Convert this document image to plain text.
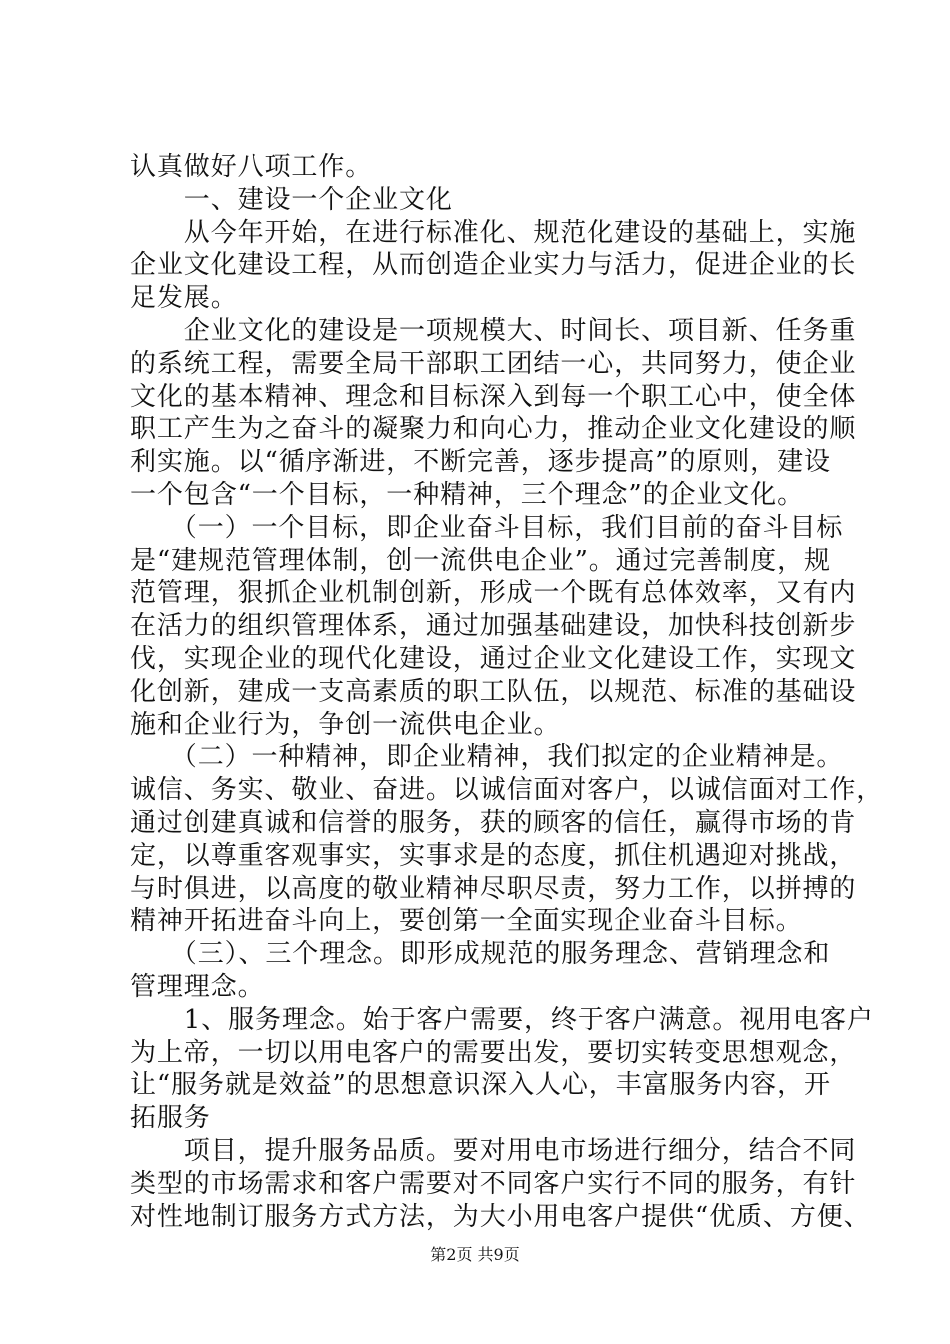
认真做好八项工作。
　　一、建设一个企业文化
　　从今年开始，在进行标准化、规范化建设的基础上，实施
企业文化建设工程，从而创造企业实力与活力，促进企业的长
足发展。
　　企业文化的建设是一项规模大、时间长、项目新、任务重
的系统工程，需要全局干部职工团结一心，共同努力，使企业
文化的基本精神、理念和目标深入到每一个职工心中，使全体
职工产生为之奋斗的凝聚力和向心力，推动企业文化建设的顺
利实施。以“循序渐进，不断完善，逐步提高”的原则，建设
一个包含“一个目标，一种精神，三个理念”的企业文化。
　　（一）一个目标，即企业奋斗目标，我们目前的奋斗目标
是“建规范管理体制，创一流供电企业”。通过完善制度，规
范管理，狠抓企业机制创新，形成一个既有总体效率，又有内
在活力的组织管理体系，通过加强基础建设，加快科技创新步
伐，实现企业的现代化建设，通过企业文化建设工作，实现文
化创新，建成一支高素质的职工队伍，以规范、标准的基础设
施和企业行为，争创一流供电企业。
　　（二）一种精神，即企业精神，我们拟定的企业精神是。
诚信、务实、敬业、奋进。以诚信面对客户，以诚信面对工作，
通过创建真诚和信誉的服务，获的顾客的信任，赢得市场的肯
定，以尊重客观事实，实事求是的态度，抓住机遇迎对挑战，
与时俱进，以高度的敬业精神尽职尽责，努力工作，以拼搏的
精神开拓进奋斗向上，要创第一全面实现企业奋斗目标。
　　（三）、三个理念。即形成规范的服务理念、营销理念和
管理理念。
　　1、服务理念。始于客户需要，终于客户满意。视用电客户
为上帝，一切以用电客户的需要出发，要切实转变思想观念，
让“服务就是效益”的思想意识深入人心，丰富服务内容，开
拓服务
　　项目，提升服务品质。要对用电市场进行细分，结合不同
第2页 共9页
类型的市场需求和客户需要对不同客户实行不同的服务，有针
对性地制订服务方式方法，为大小用电客户提供“优质、方便、
